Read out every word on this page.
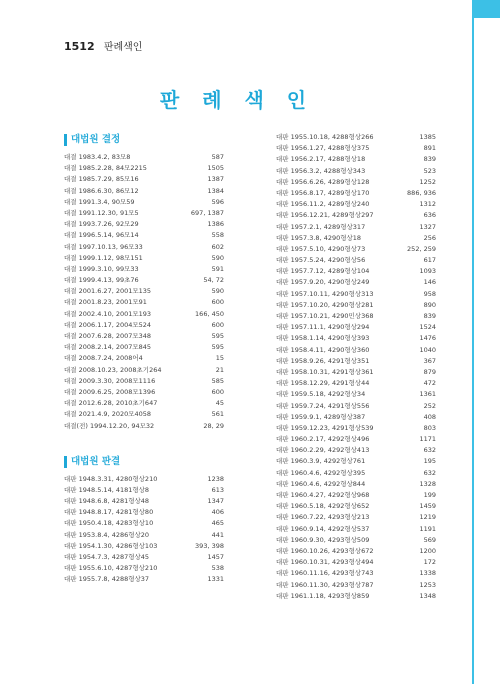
1512 판례색인
판 례 색 인
대법원 결정
대결 1983.4.2, 83모8	587
대결 1985.2.28, 84모2215	1505
대결 1985.7.29, 85모16	1387
대결 1986.6.30, 86모12	1384
대결 1991.3.4, 90모59	596
대결 1991.12.30, 91모5	697, 1387
대결 1993.7.26, 92모29	1386
대결 1996.5.14, 96모14	558
대결 1997.10.13, 96모33	602
대결 1999.1.12, 98모151	590
대결 1999.3.10, 99모33	591
대결 1999.4.13, 99초76	54, 72
대결 2001.6.27, 2001모135	590
대결 2001.8.23, 2001모91	600
대결 2002.4.10, 2001모193	166, 450
대결 2006.1.17, 2004모524	600
대결 2007.6.28, 2007모348	595
대결 2008.2.14, 2007모845	595
대결 2008.7.24, 2008어4	15
대결 2008.10.23, 2008초기264	21
대결 2009.3.30, 2008모1116	585
대결 2009.6.25, 2008모1396	600
대결 2012.6.28, 2010초기647	45
대결 2021.4.9, 2020모4058	561
대결(전) 1994.12.20, 94모32	28, 29
대법원 판결
대판 1948.3.31, 4280형상210	1238
대판 1948.5.14, 4181형상8	613
대판 1948.6.8, 4281형상48	1347
대판 1948.8.17, 4281형상80	406
대판 1950.4.18, 4283형상10	465
대판 1953.8.4, 4286형상20	441
대판 1954.1.30, 4286형상103	393, 398
대판 1954.7.3, 4287형상45	1457
대판 1955.6.10, 4287형상210	538
대판 1955.7.8, 4288형상37	1331
대판 1955.10.18, 4288형상266	1385
대판 1956.1.27, 4288형상375	891
대판 1956.2.17, 4288형상18	839
대판 1956.3.2, 4288형상343	523
대판 1956.6.26, 4289형상128	1252
대판 1956.8.17, 4289형상170	886, 936
대판 1956.11.2, 4289형상240	1312
대판 1956.12.21, 4289형상297	636
대판 1957.2.1, 4289형상317	1327
대판 1957.3.8, 4290형상18	256
대판 1957.5.10, 4290형상73	252, 259
대판 1957.5.24, 4290형상56	617
대판 1957.7.12, 4289형상104	1093
대판 1957.9.20, 4290형상249	146
대판 1957.10.11, 4290형상313	958
대판 1957.10.20, 4290형상281	890
대판 1957.10.21, 4290민상368	839
대판 1957.11.1, 4290형상294	1524
대판 1958.1.14, 4290형상393	1476
대판 1958.4.11, 4290형상360	1040
대판 1958.9.26, 4291형상351	367
대판 1958.10.31, 4291형상361	879
대판 1958.12.29, 4291형상44	472
대판 1959.5.18, 4292형상34	1361
대판 1959.7.24, 4291형상556	252
대판 1959.9.1, 4289형상387	408
대판 1959.12.23, 4291형상539	803
대판 1960.2.17, 4292형상496	1171
대판 1960.2.29, 4292형상413	632
대판 1960.3.9, 4292형상761	195
대판 1960.4.6, 4292형상395	632
대판 1960.4.6, 4292형상844	1328
대판 1960.4.27, 4292형상968	199
대판 1960.5.18, 4292형상652	1459
대판 1960.7.22, 4293형상213	1219
대판 1960.9.14, 4292형상537	1191
대판 1960.9.30, 4293형상509	569
대판 1960.10.26, 4293형상672	1200
대판 1960.10.31, 4293형상494	172
대판 1960.11.16, 4293형상743	1338
대판 1960.11.30, 4293형상787	1253
대판 1961.1.18, 4293형상859	1348
